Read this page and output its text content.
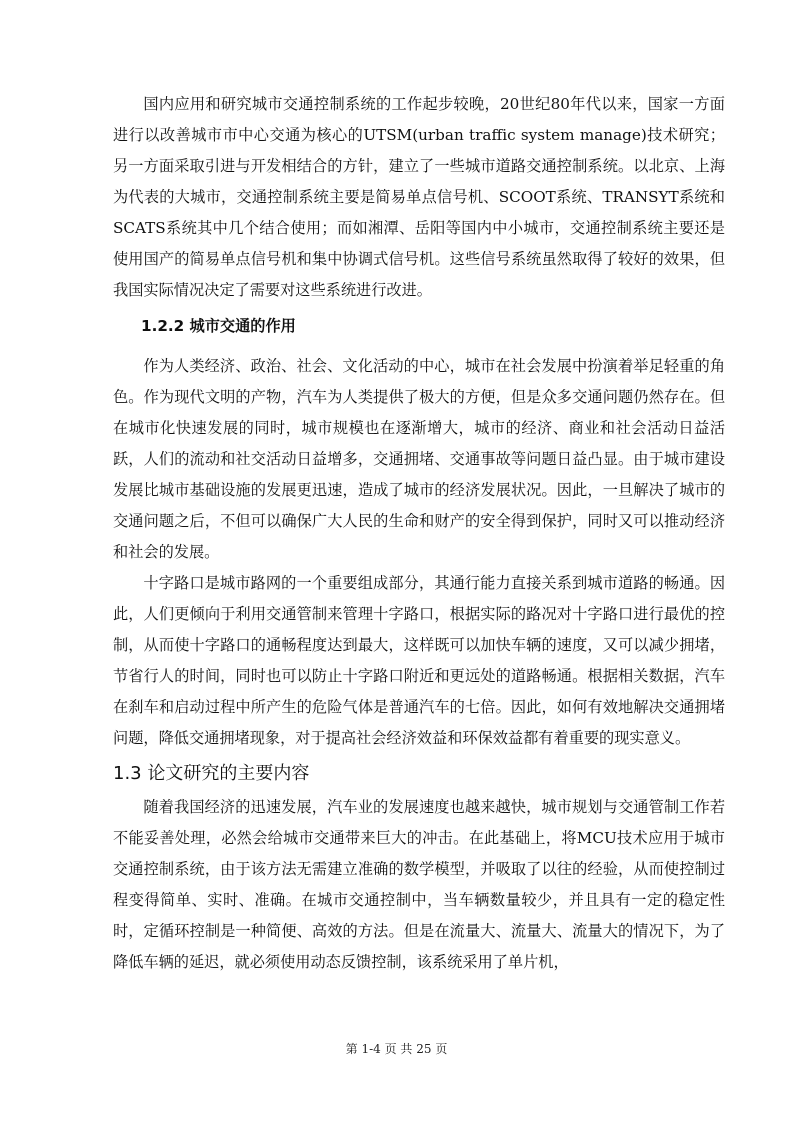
国内应用和研究城市交通控制系统的工作起步较晚，20世纪80年代以来，国家一方面进行以改善城市市中心交通为核心的UTSM(urban traffic system manage)技术研究；另一方面采取引进与开发相结合的方针，建立了一些城市道路交通控制系统。以北京、上海为代表的大城市，交通控制系统主要是简易单点信号机、SCOOT系统、TRANSYT系统和SCATS系统其中几个结合使用；而如湘潭、岳阳等国内中小城市，交通控制系统主要还是使用国产的简易单点信号机和集中协调式信号机。这些信号系统虽然取得了较好的效果，但我国实际情况决定了需要对这些系统进行改进。

1.2.2 城市交通的作用

作为人类经济、政治、社会、文化活动的中心，城市在社会发展中扮演着举足轻重的角色。作为现代文明的产物，汽车为人类提供了极大的方便，但是众多交通问题仍然存在。但在城市化快速发展的同时，城市规模也在逐渐增大，城市的经济、商业和社会活动日益活跃，人们的流动和社交活动日益增多，交通拥堵、交通事故等问题日益凸显。由于城市建设发展比城市基础设施的发展更迅速，造成了城市的经济发展状况。因此，一旦解决了城市的交通问题之后，不但可以确保广大人民的生命和财产的安全得到保护，同时又可以推动经济和社会的发展。

十字路口是城市路网的一个重要组成部分，其通行能力直接关系到城市道路的畅通。因此，人们更倾向于利用交通管制来管理十字路口，根据实际的路况对十字路口进行最优的控制，从而使十字路口的通畅程度达到最大，这样既可以加快车辆的速度，又可以减少拥堵，节省行人的时间，同时也可以防止十字路口附近和更远处的道路畅通。根据相关数据，汽车在刹车和启动过程中所产生的危险气体是普通汽车的七倍。因此，如何有效地解决交通拥堵问题，降低交通拥堵现象，对于提高社会经济效益和环保效益都有着重要的现实意义。

1.3 论文研究的主要内容

随着我国经济的迅速发展，汽车业的发展速度也越来越快，城市规划与交通管制工作若不能妥善处理，必然会给城市交通带来巨大的冲击。在此基础上，将MCU技术应用于城市交通控制系统，由于该方法无需建立准确的数学模型，并吸取了以往的经验，从而使控制过程变得简单、实时、准确。在城市交通控制中，当车辆数量较少，并且具有一定的稳定性时，定循环控制是一种简便、高效的方法。但是在流量大、流量大、流量大的情况下，为了降低车辆的延迟，就必须使用动态反馈控制，该系统采用了单片机，

第 1-4 页 共 25 页
